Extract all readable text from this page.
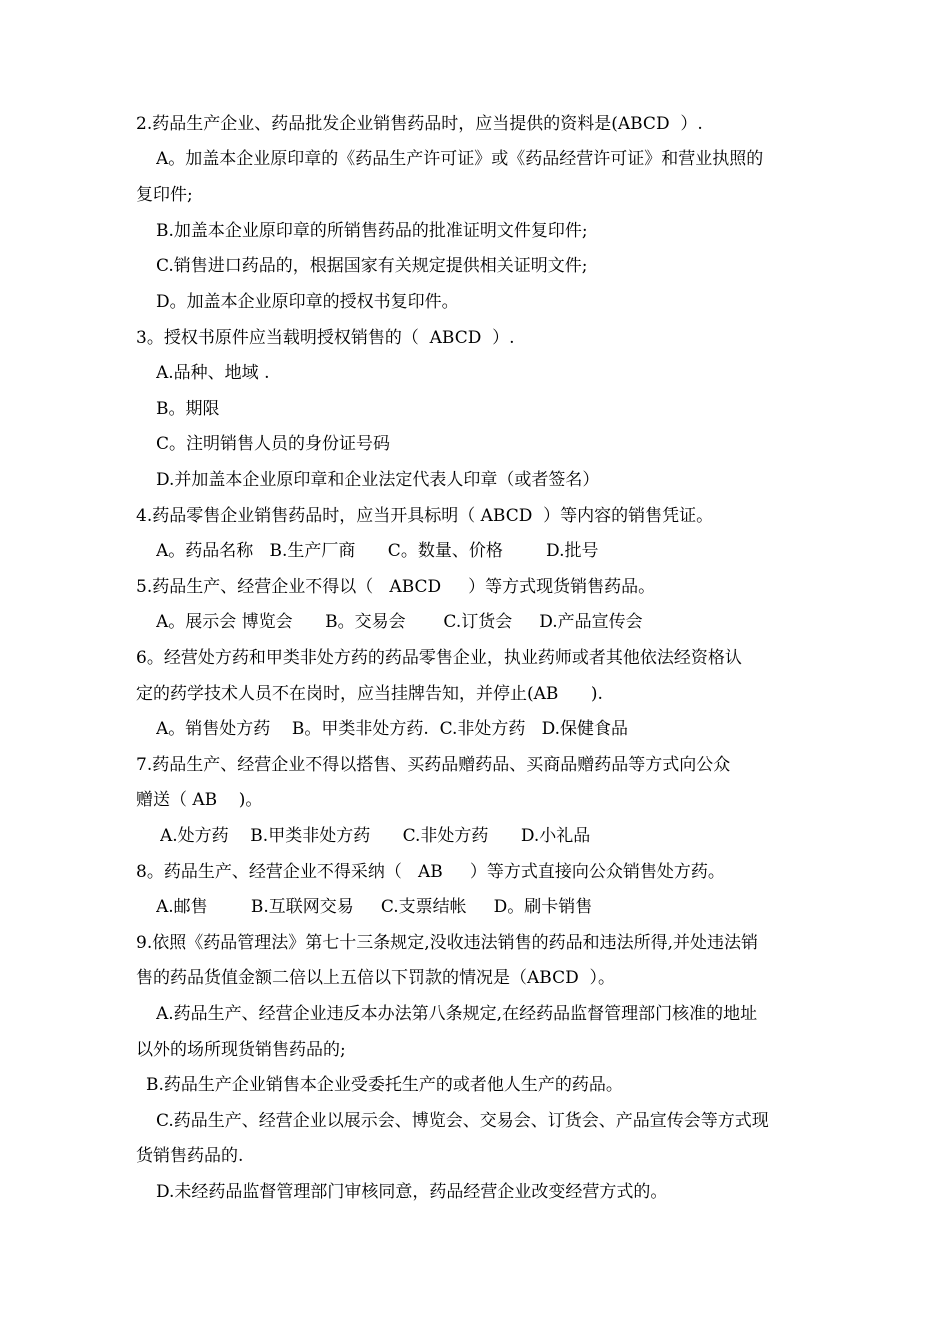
2.药品生产企业、药品批发企业销售药品时，应当提供的资料是(ABCD  ）.
A。加盖本企业原印章的《药品生产许可证》或《药品经营许可证》和营业执照的
复印件;
B.加盖本企业原印章的所销售药品的批准证明文件复印件;
C.销售进口药品的，根据国家有关规定提供相关证明文件;
D。加盖本企业原印章的授权书复印件。
3。授权书原件应当载明授权销售的（  ABCD  ）.
A.品种、地域 .
B。期限
C。注明销售人员的身份证号码
D.并加盖本企业原印章和企业法定代表人印章（或者签名）
4.药品零售企业销售药品时，应当开具标明（ ABCD  ）等内容的销售凭证。
A。药品名称   B.生产厂商      C。数量、价格        D.批号
5.药品生产、经营企业不得以（   ABCD     ）等方式现货销售药品。
A。展示会 博览会      B。交易会       C.订货会     D.产品宣传会
6。经营处方药和甲类非处方药的药品零售企业，执业药师或者其他依法经资格认
定的药学技术人员不在岗时，应当挂牌告知，并停止(AB      ).
A。销售处方药    B。甲类非处方药.  C.非处方药   D.保健食品
7.药品生产、经营企业不得以搭售、买药品赠药品、买商品赠药品等方式向公众
赠送（ AB    )。
A.处方药    B.甲类非处方药      C.非处方药      D.小礼品
8。药品生产、经营企业不得采纳（   AB     ）等方式直接向公众销售处方药。
A.邮售        B.互联网交易     C.支票结帐     D。刷卡销售
9.依照《药品管理法》第七十三条规定,没收违法销售的药品和违法所得,并处违法销
售的药品货值金额二倍以上五倍以下罚款的情况是（ABCD  ）。
A.药品生产、经营企业违反本办法第八条规定,在经药品监督管理部门核准的地址
以外的场所现货销售药品的;
B.药品生产企业销售本企业受委托生产的或者他人生产的药品。
C.药品生产、经营企业以展示会、博览会、交易会、订货会、产品宣传会等方式现
货销售药品的.
D.未经药品监督管理部门审核同意，药品经营企业改变经营方式的。
